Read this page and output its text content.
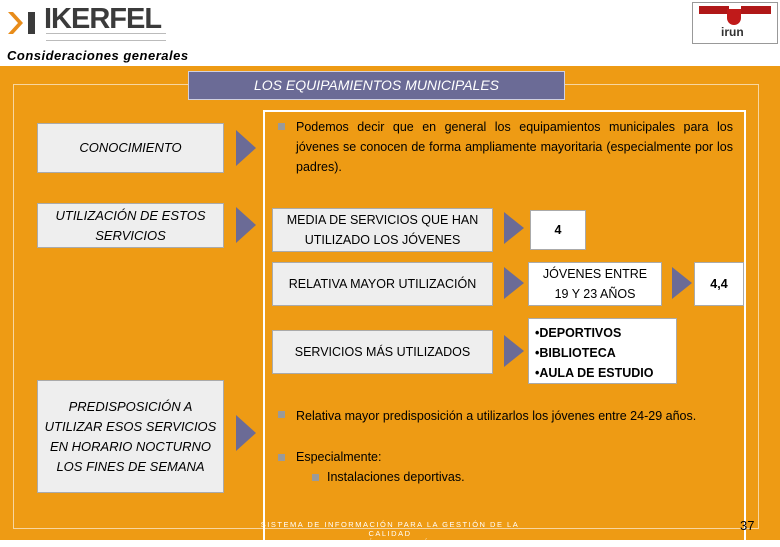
IKERFEL	irun
Consideraciones generales
LOS EQUIPAMIENTOS MUNICIPALES
CONOCIMIENTO
UTILIZACIÓN DE ESTOS SERVICIOS
PREDISPOSICIÓN A UTILIZAR ESOS SERVICIOS EN HORARIO NOCTURNO LOS FINES DE SEMANA
Podemos decir que en general los equipamientos municipales para los jóvenes se conocen de forma ampliamente mayoritaria (especialmente por los padres).
MEDIA DE SERVICIOS QUE HAN UTILIZADO LOS JÓVENES
4
RELATIVA MAYOR UTILIZACIÓN
JÓVENES ENTRE 19 Y 23 AÑOS
4,4
SERVICIOS MÁS UTILIZADOS
•DEPORTIVOS
•BIBLIOTECA
•AULA DE ESTUDIO
Relativa mayor predisposición a utilizarlos los jóvenes entre 24-29 años.
Especialmente:
Instalaciones deportivas.
SISTEMA DE INFORMACIÓN PARA LA GESTIÓN DE LA CALIDAD
- LA ATENCIÓN A LOS JÓVENES -
37
